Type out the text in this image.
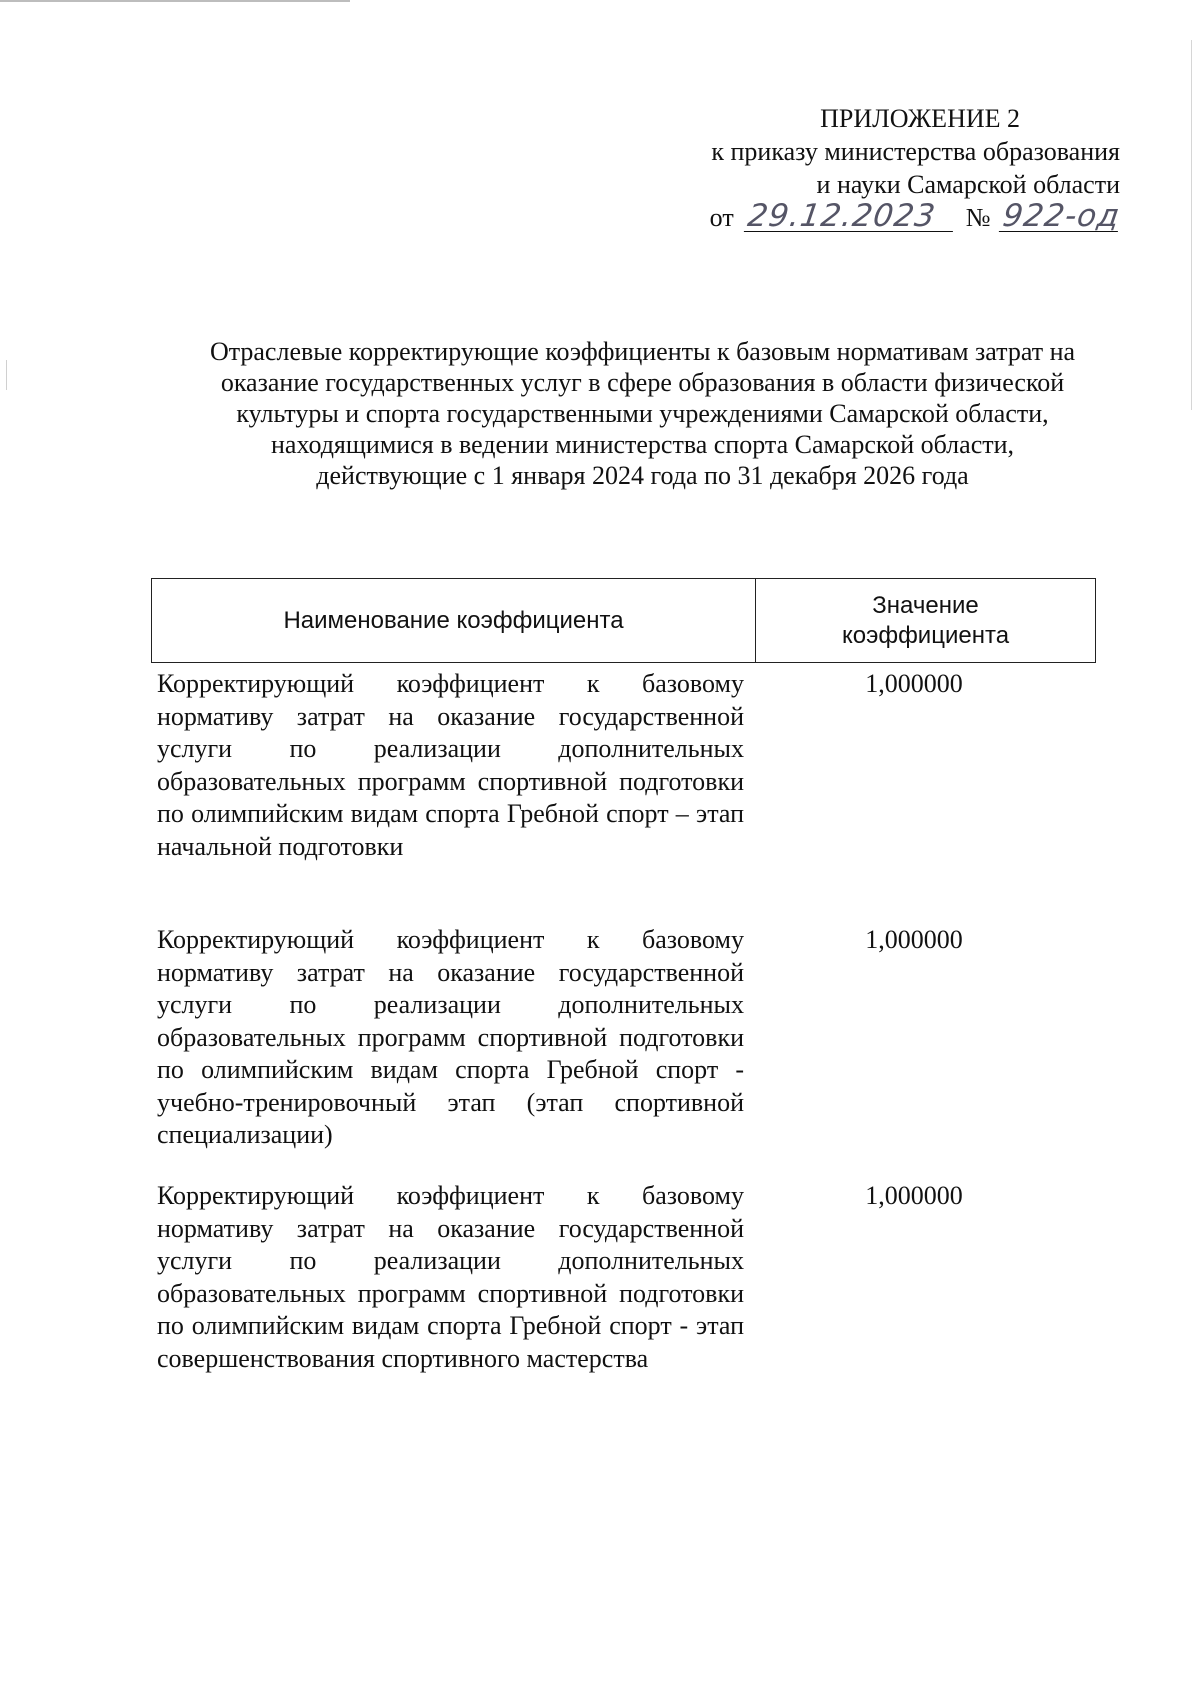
ПРИЛОЖЕНИЕ 2
к приказу министерства образования
и науки Самарской области
от 29.12.2023 № 922-од
Отраслевые корректирующие коэффициенты к базовым нормативам затрат на
оказание государственных услуг в сфере образования в области физической
культуры и спорта государственными учреждениями Самарской области,
находящимися в ведении министерства спорта Самарской области,
действующие с 1 января 2024 года по 31 декабря 2026 года
Наименование коэффициента
Значение
коэффициента
Корректирующий коэффициент к базовому нормативу затрат на оказание государственной услуги по реализации дополнительных образовательных программ спортивной подготовки по олимпийским видам спорта Гребной спорт – этап начальной подготовки
1,000000
Корректирующий коэффициент к базовому нормативу затрат на оказание государственной услуги по реализации дополнительных образовательных программ спортивной подготовки по олимпийским видам спорта Гребной спорт - учебно-тренировочный этап (этап спортивной специализации)
1,000000
Корректирующий коэффициент к базовому нормативу затрат на оказание государственной услуги по реализации дополнительных образовательных программ спортивной подготовки по олимпийским видам спорта Гребной спорт - этап совершенствования спортивного мастерства
1,000000
